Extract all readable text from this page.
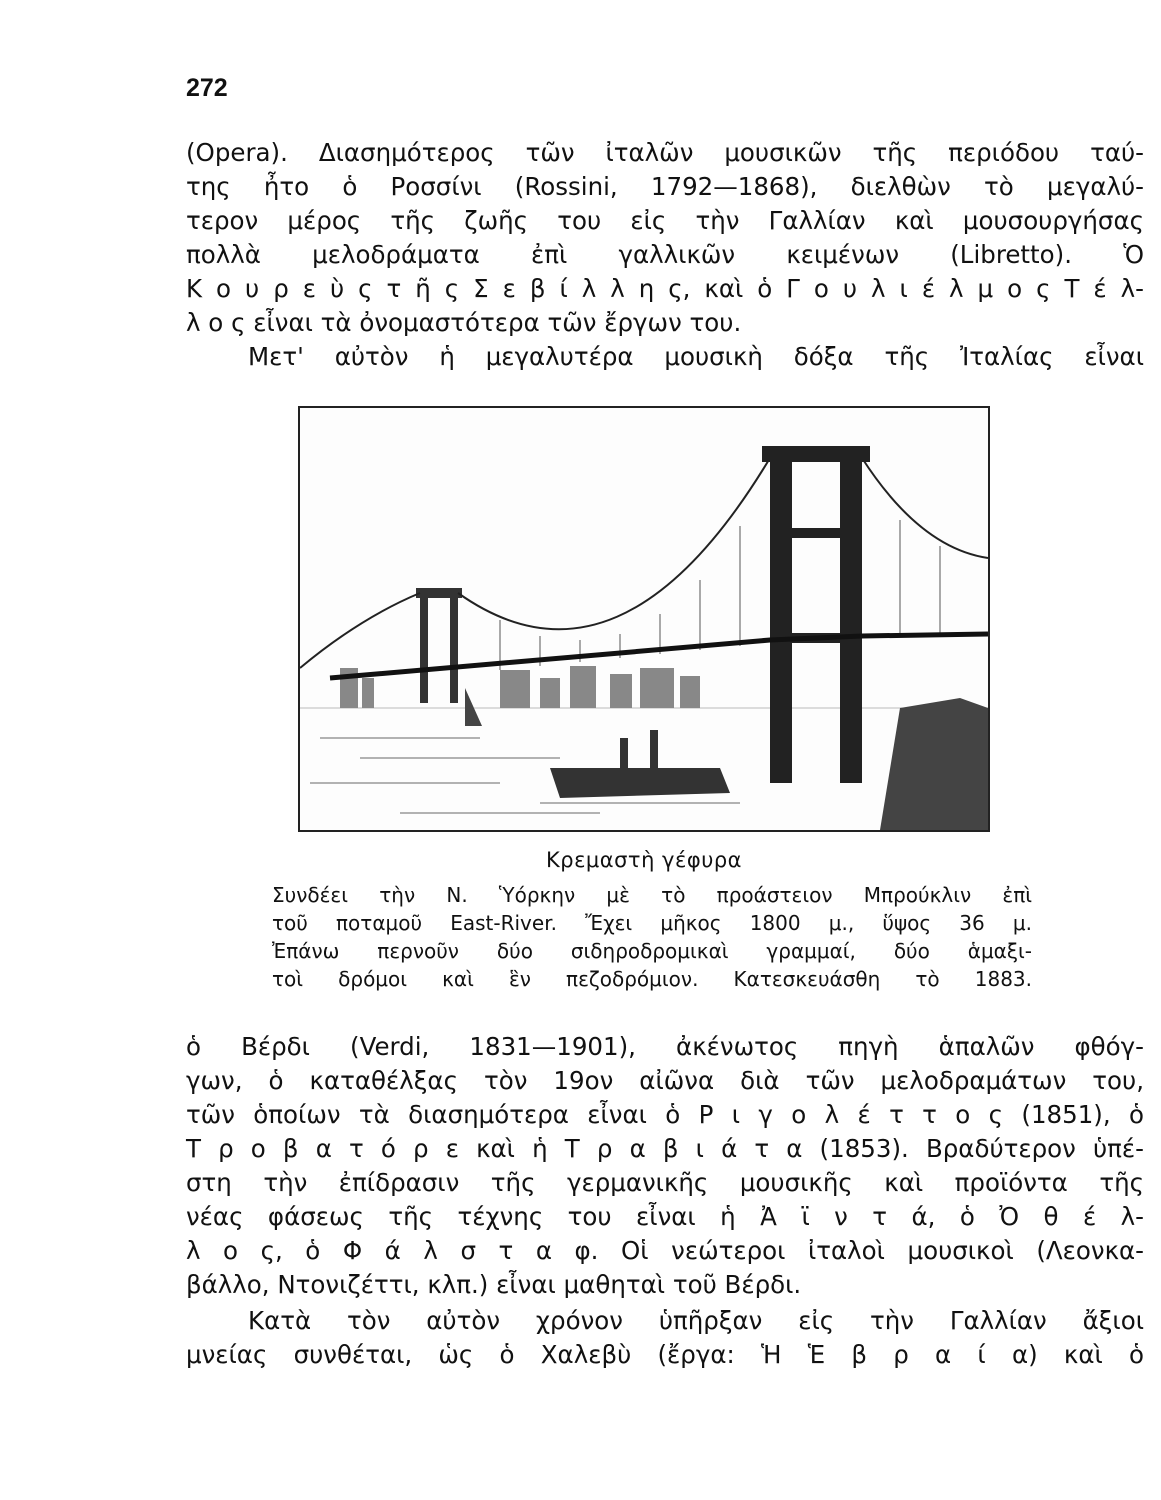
272
(Opera). Διασημότερος τῶν ἰταλῶν μουσικῶν τῆς περιόδου ταύ-
της ἦτο ὁ Ροσσίνι (Rossini, 1792—1868), διελθὼν τὸ μεγαλύ-
τερον μέρος τῆς ζωῆς του εἰς τὴν Γαλλίαν καὶ μουσουργήσας
πολλὰ μελοδράματα ἐπὶ γαλλικῶν κειμένων (Libretto). Ὁ
Κ ο υ ρ ε ὺ ς τ ῆ ς Σ ε β ί λ λ η ς, καὶ ὁ Γ ο υ λ ι έ λ μ ο ς Τ έ λ-
λ ο ς εἶναι τὰ ὀνομαστότερα τῶν ἔργων του.
Μετ' αὐτὸν ἡ μεγαλυτέρα μουσικὴ δόξα τῆς Ἰταλίας εἶναι
Κρεμαστὴ γέφυρα
Συνδέει τὴν Ν. Ὑόρκην μὲ τὸ προάστειον Μπρούκλιν ἐπὶ
τοῦ ποταμοῦ East-River. Ἔχει μῆκος 1800 μ., ὕψος 36 μ.
Ἐπάνω περνοῦν δύο σιδηροδρομικαὶ γραμμαί, δύο ἁμαξι-
τοὶ δρόμοι καὶ ἓν πεζοδρόμιον. Κατεσκευάσθη τὸ 1883.
ὁ Βέρδι (Verdi, 1831—1901), ἀκένωτος πηγὴ ἁπαλῶν φθόγ-
γων, ὁ καταθέλξας τὸν 19ον αἰῶνα διὰ τῶν μελοδραμάτων του,
τῶν ὁποίων τὰ διασημότερα εἶναι ὁ Ρ ι γ ο λ έ τ τ ο ς (1851), ὁ
Τ ρ ο β α τ ό ρ ε καὶ ἡ Τ ρ α β ι ά τ α (1853). Βραδύτερον ὑπέ-
στη τὴν ἐπίδρασιν τῆς γερμανικῆς μουσικῆς καὶ προϊόντα τῆς
νέας φάσεως τῆς τέχνης του εἶναι ἡ Ἀ ϊ ν τ ά, ὁ Ὀ θ έ λ-
λ ο ς, ὁ Φ ά λ σ τ α φ. Οἱ νεώτεροι ἰταλοὶ μουσικοὶ (Λεονκα-
βάλλο, Ντονιζέττι, κλπ.) εἶναι μαθηταὶ τοῦ Βέρδι.
Κατὰ τὸν αὐτὸν χρόνον ὑπῆρξαν εἰς τὴν Γαλλίαν ἄξιοι
μνείας συνθέται, ὡς ὁ Χαλεβὺ (ἔργα: Ἡ Ἑ β ρ α ί α) καὶ ὁ
